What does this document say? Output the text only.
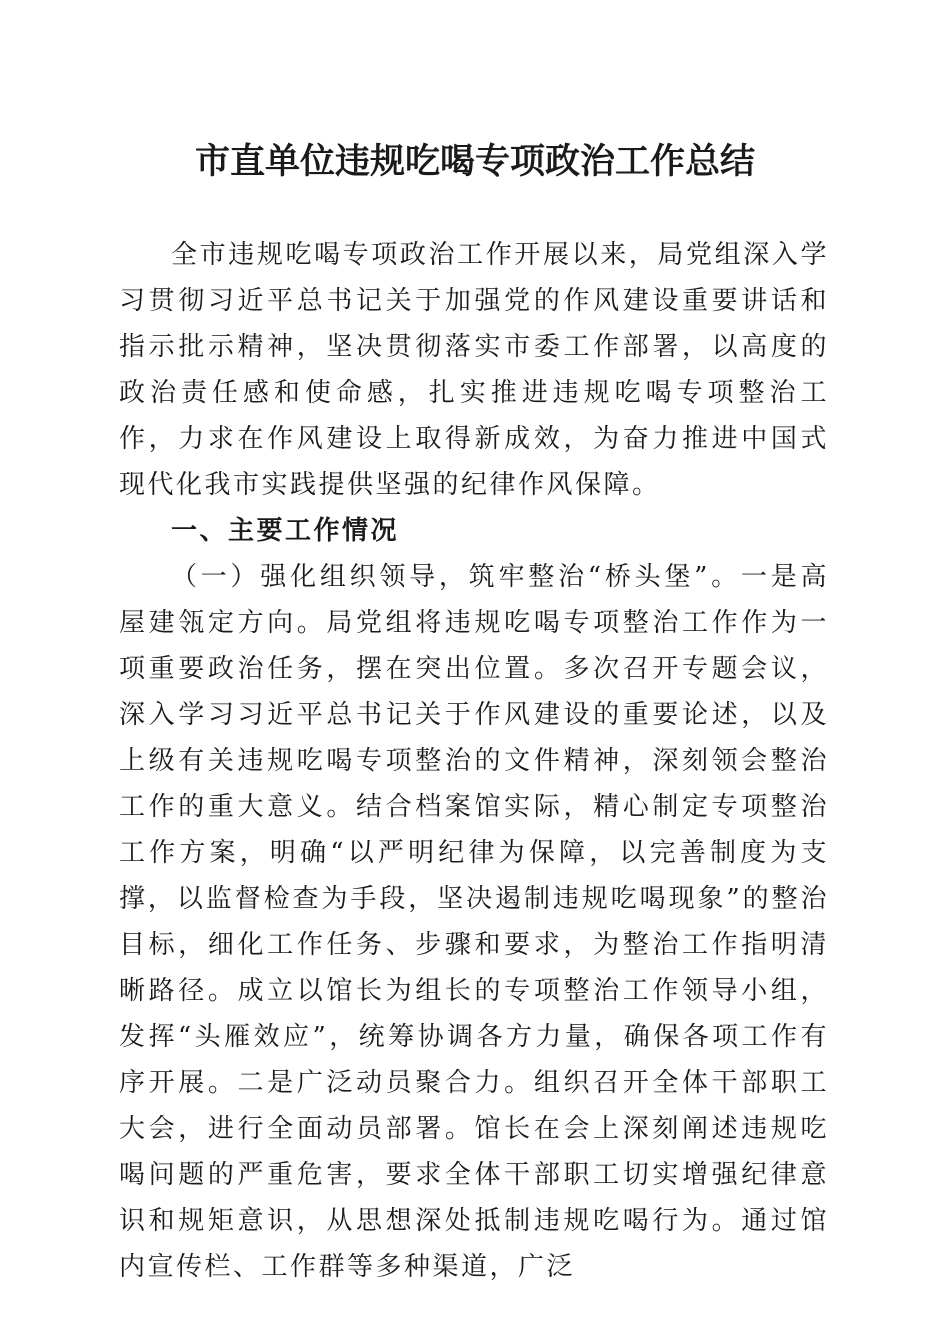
市直单位违规吃喝专项政治工作总结

全市违规吃喝专项政治工作开展以来，局党组深入学习贯彻习近平总书记关于加强党的作风建设重要讲话和指示批示精神，坚决贯彻落实市委工作部署，以高度的政治责任感和使命感，扎实推进违规吃喝专项整治工作，力求在作风建设上取得新成效，为奋力推进中国式现代化我市实践提供坚强的纪律作风保障。

一、主要工作情况

（一）强化组织领导，筑牢整治“桥头堡”。一是高屋建瓴定方向。局党组将违规吃喝专项整治工作作为一项重要政治任务，摆在突出位置。多次召开专题会议，深入学习习近平总书记关于作风建设的重要论述，以及上级有关违规吃喝专项整治的文件精神，深刻领会整治工作的重大意义。结合档案馆实际，精心制定专项整治工作方案，明确“以严明纪律为保障，以完善制度为支撑，以监督检查为手段，坚决遏制违规吃喝现象”的整治目标，细化工作任务、步骤和要求，为整治工作指明清晰路径。成立以馆长为组长的专项整治工作领导小组，发挥“头雁效应”，统筹协调各方力量，确保各项工作有序开展。二是广泛动员聚合力。组织召开全体干部职工大会，进行全面动员部署。馆长在会上深刻阐述违规吃喝问题的严重危害，要求全体干部职工切实增强纪律意识和规矩意识，从思想深处抵制违规吃喝行为。通过馆内宣传栏、工作群等多种渠道，广泛
